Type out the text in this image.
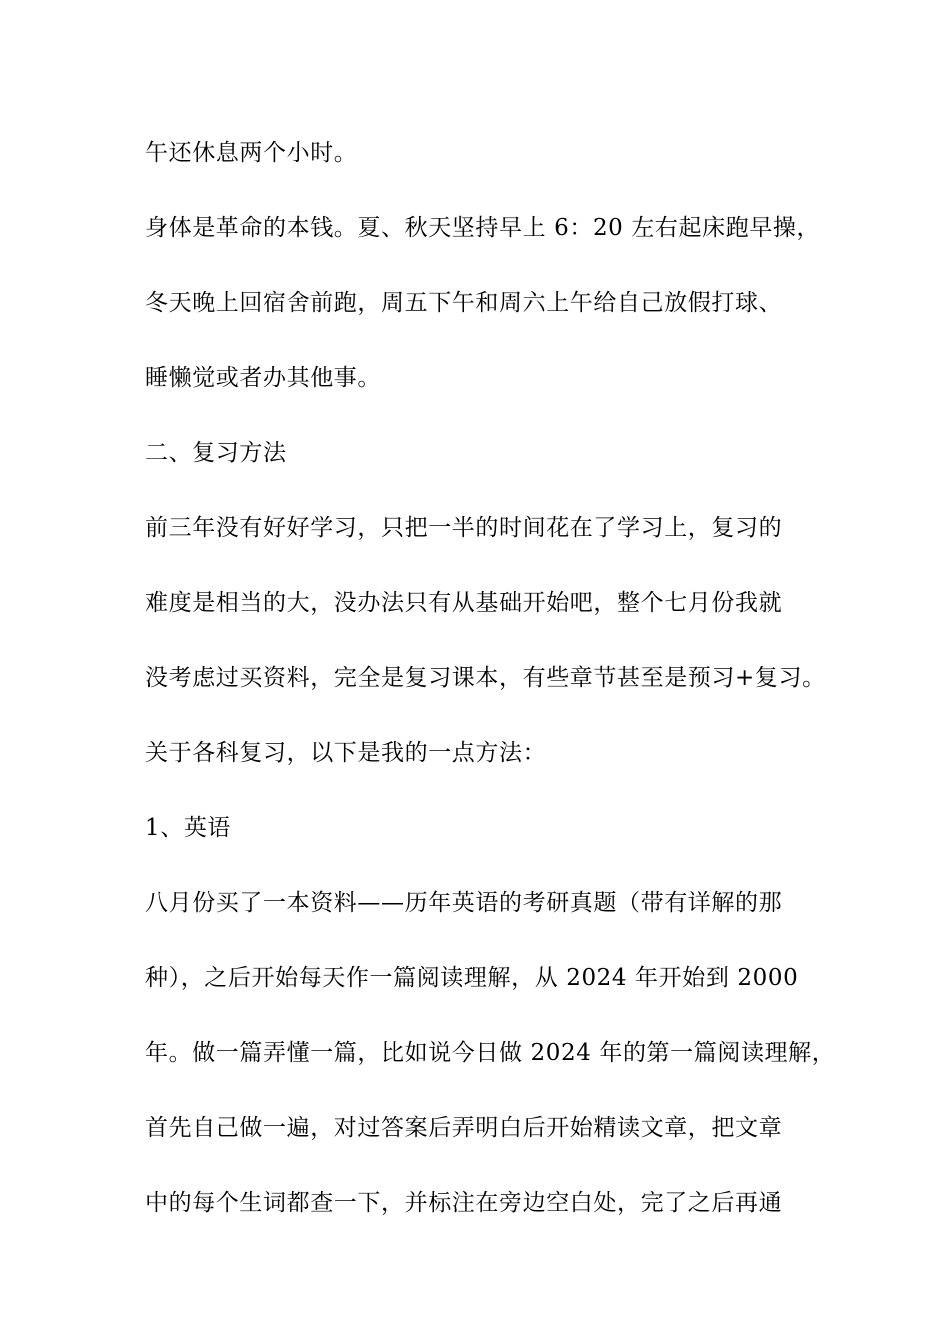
午还休息两个小时。
身体是革命的本钱。夏、秋天坚持早上 6：20 左右起床跑早操，
冬天晚上回宿舍前跑，周五下午和周六上午给自己放假打球、
睡懒觉或者办其他事。
二、复习方法
前三年没有好好学习，只把一半的时间花在了学习上，复习的
难度是相当的大，没办法只有从基础开始吧，整个七月份我就
没考虑过买资料，完全是复习课本，有些章节甚至是预习+复习。
关于各科复习，以下是我的一点方法：
1、英语
八月份买了一本资料——历年英语的考研真题（带有详解的那
种），之后开始每天作一篇阅读理解，从 2024 年开始到 2000
年。做一篇弄懂一篇，比如说今日做 2024 年的第一篇阅读理解，
首先自己做一遍，对过答案后弄明白后开始精读文章，把文章
中的每个生词都查一下，并标注在旁边空白处，完了之后再通
